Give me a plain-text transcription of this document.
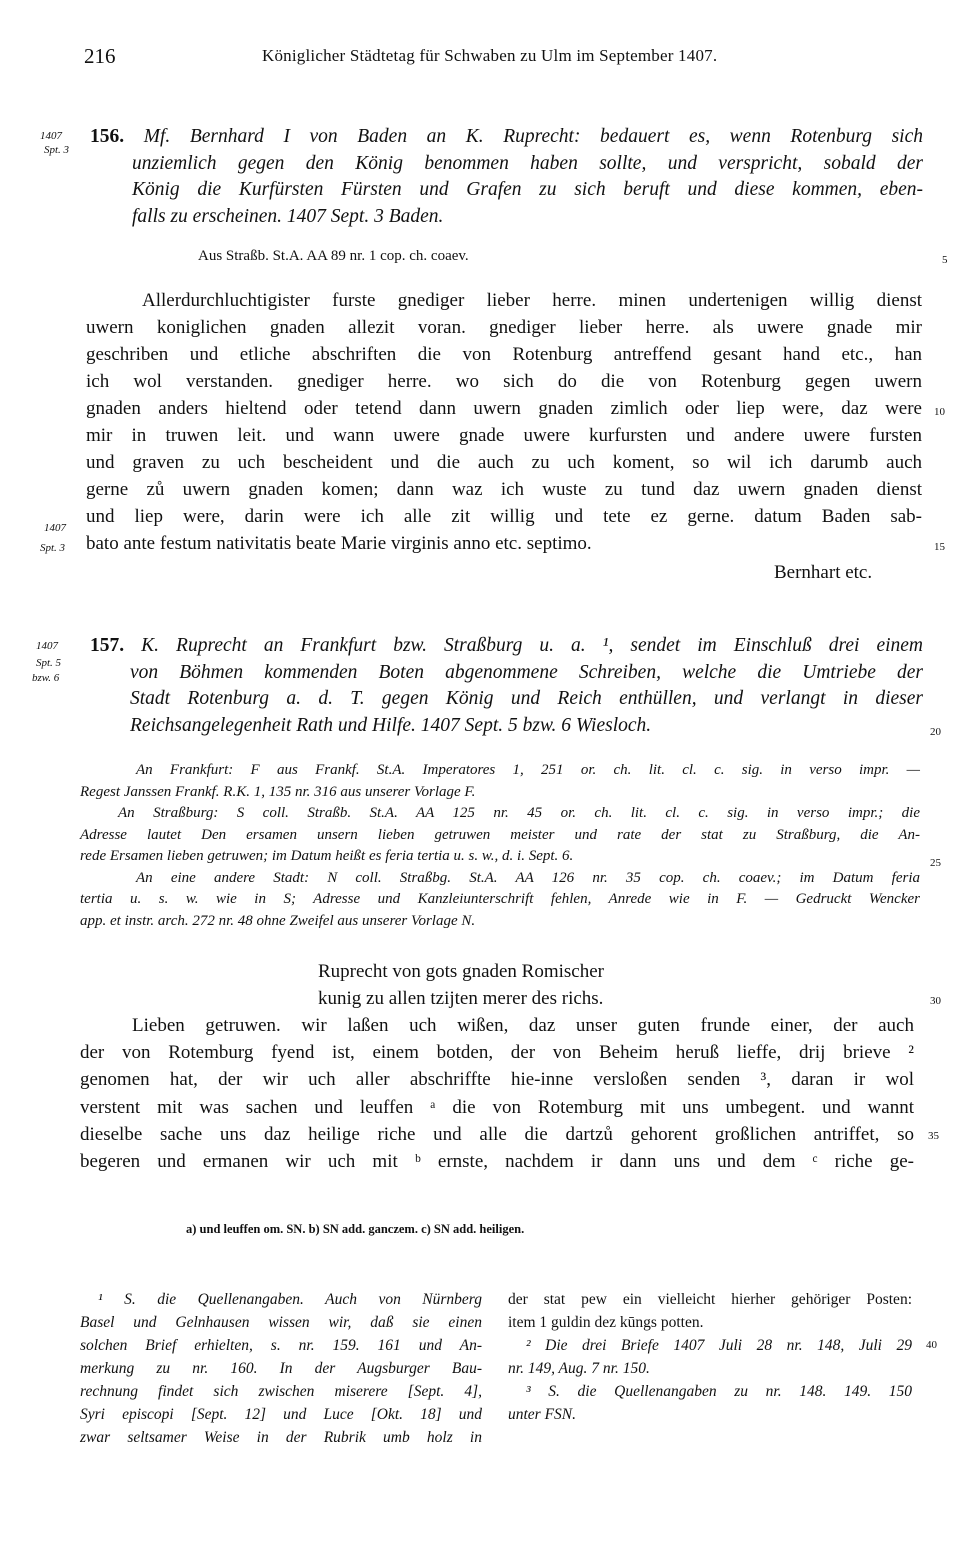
216	Königlicher Städtetag für Schwaben zu Ulm im September 1407.
1407
Spt. 3
156. Mf. Bernhard I von Baden an K. Ruprecht: bedauert es, wenn Rotenburg sich
unziemlich gegen den König benommen haben sollte, und verspricht, sobald der
König die Kurfürsten Fürsten und Grafen zu sich beruft und diese kommen, eben-
falls zu erscheinen. 1407 Sept. 3 Baden.
Aus Straßb. St.A. AA 89 nr. 1 cop. ch. coaev.
Allerdurchluchtigister furste gnediger lieber herre. minen undertenigen willig dienst
uwern koniglichen gnaden allezit voran. gnediger lieber herre. als uwere gnade mir
geschriben und etliche abschriften die von Rotenburg antreffend gesant hand etc., han
ich wol verstanden. gnediger herre. wo sich do die von Rotenburg gegen uwern
gnaden anders hieltend oder tetend dann uwern gnaden zimlich oder liep were, daz were
mir in truwen leit. und wann uwere gnade uwere kurfursten und andere uwere fursten
und graven zu uch bescheident und die auch zu uch koment, so wil ich darumb auch
gerne zů uwern gnaden komen; dann waz ich wuste zu tund daz uwern gnaden dienst
und liep were, darin were ich alle zit willig und tete ez gerne. datum Baden sab-
bato ante festum nativitatis beate Marie virginis anno etc. septimo.
1407
Spt. 3
Bernhart etc.
1407
Spt. 5
bzw. 6
157. K. Ruprecht an Frankfurt bzw. Straßburg u. a. ¹, sendet im Einschluß drei einem
von Böhmen kommenden Boten abgenommene Schreiben, welche die Umtriebe der
Stadt Rotenburg a. d. T. gegen König und Reich enthüllen, und verlangt in dieser
Reichsangelegenheit Rath und Hilfe. 1407 Sept. 5 bzw. 6 Wiesloch.
An Frankfurt: F aus Frankf. St.A. Imperatores 1, 251 or. ch. lit. cl. c. sig. in verso impr. —
Regest Janssen Frankf. R.K. 1, 135 nr. 316 aus unserer Vorlage F.
An Straßburg: S coll. Straßb. St.A. AA 125 nr. 45 or. ch. lit. cl. c. sig. in verso impr.; die
Adresse lautet Den ersamen unsern lieben getruwen meister und rate der stat zu Straßburg, die An-
rede Ersamen lieben getruwen; im Datum heißt es feria tertia u. s. w., d. i. Sept. 6.
An eine andere Stadt: N coll. Straßbg. St.A. AA 126 nr. 35 cop. ch. coaev.; im Datum feria
tertia u. s. w. wie in S; Adresse und Kanzleiunterschrift fehlen, Anrede wie in F. — Gedruckt Wencker
app. et instr. arch. 272 nr. 48 ohne Zweifel aus unserer Vorlage N.
Ruprecht von gots gnaden Romischer
kunig zu allen tzijten merer des richs.
Lieben getruwen. wir laßen uch wißen, daz unser guten frunde einer, der auch
der von Rotemburg fyend ist, einem botden, der von Beheim heruß lieffe, drij brieve ²
genomen hat, der wir uch aller abschriffte hie-inne versloßen senden ³, daran ir wol
verstent mit was sachen und leuffen ᵃ die von Rotemburg mit uns umbegent. und wannt
dieselbe sache uns daz heilige riche und alle die dartzů gehorent großlichen antriffet, so
begeren und ermanen wir uch mit ᵇ ernste, nachdem ir dann uns und dem ᶜ riche ge-
a) und leuffen om. SN. b) SN add. ganczem. c) SN add. heiligen.
¹ S. die Quellenangaben. Auch von Nürnberg
Basel und Gelnhausen wissen wir, daß sie einen
solchen Brief erhielten, s. nr. 159. 161 und An-
merkung zu nr. 160. In der Augsburger Bau-
rechnung findet sich zwischen miserere [Sept. 4],
Syri episcopi [Sept. 12] und Luce [Okt. 18] und
zwar seltsamer Weise in der Rubrik umb holz in
der stat pew ein vielleicht hierher gehöriger Posten:
item 1 guldin dez kūngs potten.
² Die drei Briefe 1407 Juli 28 nr. 148, Juli 29
nr. 149, Aug. 7 nr. 150.
³ S. die Quellenangaben zu nr. 148. 149. 150
unter FSN.
5
10
15
20
25
30
35
40
